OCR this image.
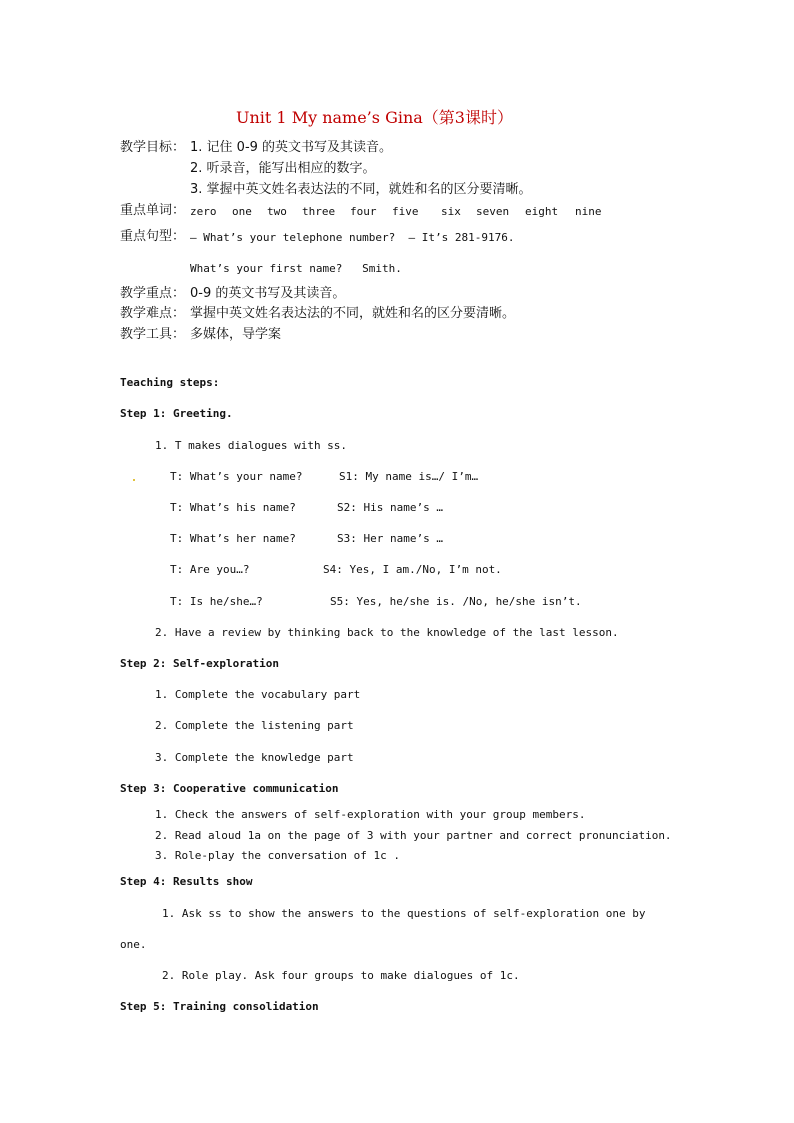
Unit 1 My name’s Gina（第3课时）
教学目标： 1. 记住 0-9 的英文书写及其读音。
2. 听录音，能写出相应的数字。
3. 掌握中英文姓名表达法的不同，就姓和名的区分要清晰。
重点单词： zero one two three four five six seven eight nine
重点句型： — What’s your telephone number?  — It’s 281-9176.
What’s your first name?   Smith.
教学重点： 0-9 的英文书写及其读音。
教学难点： 掌握中英文姓名表达法的不同，就姓和名的区分要清晰。
教学工具： 多媒体，导学案
Teaching steps:
Step 1: Greeting.
1. T makes dialogues with ss.
T: What’s your name?	S1: My name is…/ I’m…
T: What’s his name?	S2: His name’s …
T: What’s her name?	S3: Her name’s …
T: Are you…?	S4: Yes, I am./No, I’m not.
T: Is he/she…?	S5: Yes, he/she is. /No, he/she isn’t.
2. Have a review by thinking back to the knowledge of the last lesson.
Step 2: Self-exploration
1. Complete the vocabulary part
2. Complete the listening part
3. Complete the knowledge part
Step 3: Cooperative communication
1. Check the answers of self-exploration with your group members.
2. Read aloud 1a on the page of 3 with your partner and correct pronunciation.
3. Role-play the conversation of 1c .
Step 4: Results show
1. Ask ss to show the answers to the questions of self-exploration one by
one.
2. Role play. Ask four groups to make dialogues of 1c.
Step 5: Training consolidation
